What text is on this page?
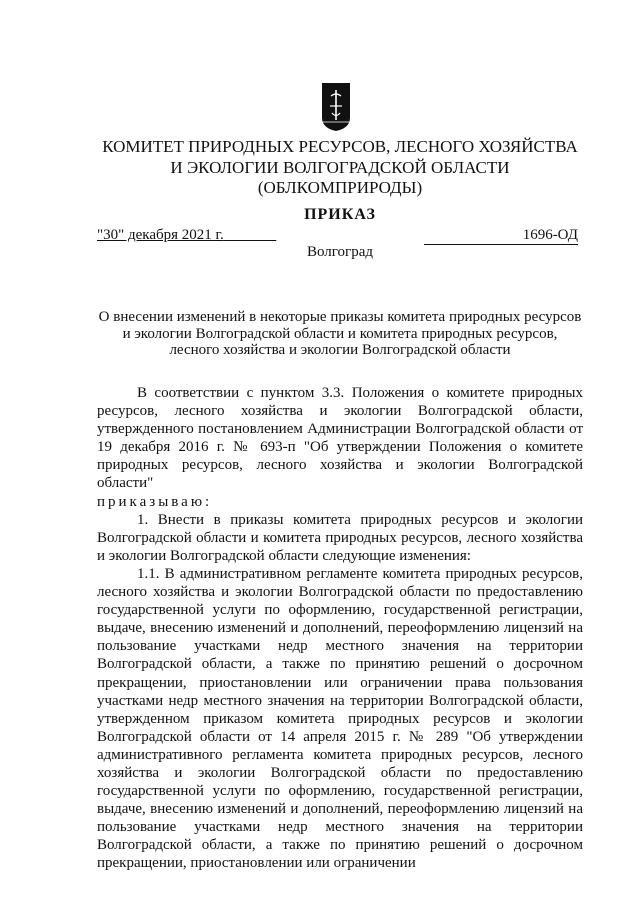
КОМИТЕТ ПРИРОДНЫХ РЕСУРСОВ, ЛЕСНОГО ХОЗЯЙСТВА
И ЭКОЛОГИИ ВОЛГОГРАДСКОЙ ОБЛАСТИ
(ОБЛКОМПРИРОДЫ)
ПРИКАЗ
"30" декабря 2021 г.	1696-ОД
Волгоград
О внесении изменений в некоторые приказы комитета природных ресурсов
и экологии Волгоградской области и комитета природных ресурсов,
лесного хозяйства и экологии Волгоградской области

В соответствии с пунктом 3.3. Положения о комитете природных ресурсов, лесного хозяйства и экологии Волгоградской области, утвержденного постановлением Администрации Волгоградской области от 19 декабря 2016 г. № 693-п "Об утверждении Положения о комитете природных ресурсов, лесного хозяйства и экологии Волгоградской области"

приказываю:

1. Внести в приказы комитета природных ресурсов и экологии Волгоградской области и комитета природных ресурсов, лесного хозяйства и экологии Волгоградской области следующие изменения:

1.1. В административном регламенте комитета природных ресурсов, лесного хозяйства и экологии Волгоградской области по предоставлению государственной услуги по оформлению, государственной регистрации, выдаче, внесению изменений и дополнений, переоформлению лицензий на пользование участками недр местного значения на территории Волгоградской области, а также по принятию решений о досрочном прекращении, приостановлении или ограничении права пользования участками недр местного значения на территории Волгоградской области, утвержденном приказом комитета природных ресурсов и экологии Волгоградской области от 14 апреля 2015 г. № 289 "Об утверждении административного регламента комитета природных ресурсов, лесного хозяйства и экологии Волгоградской области по предоставлению государственной услуги по оформлению, государственной регистрации, выдаче, внесению изменений и дополнений, переоформлению лицензий на пользование участками недр местного значения на территории Волгоградской области, а также по принятию решений о досрочном прекращении, приостановлении или ограничении
